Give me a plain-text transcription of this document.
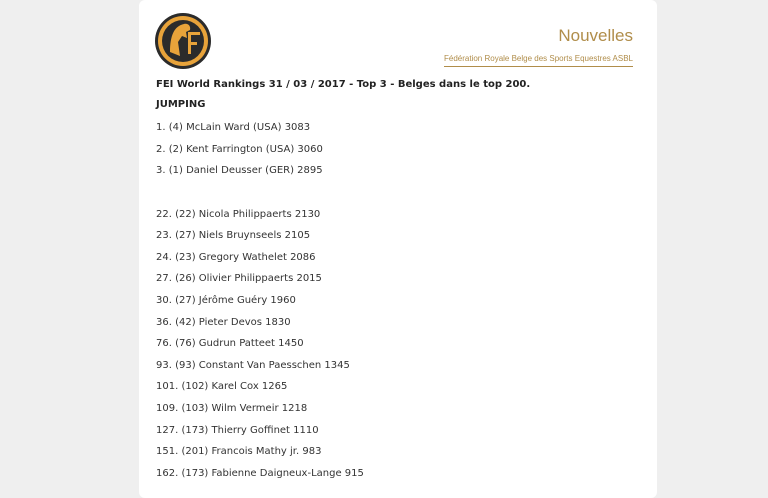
Nouvelles
Fédération Royale Belge des Sports Equestres ASBL
FEI World Rankings 31 / 03 / 2017 - Top 3 - Belges dans le top 200.
JUMPING
1. (4) McLain Ward (USA) 3083
2. (2) Kent Farrington (USA) 3060
3. (1) Daniel Deusser (GER) 2895
22. (22) Nicola Philippaerts 2130
23. (27) Niels Bruynseels 2105
24. (23) Gregory Wathelet 2086
27. (26) Olivier Philippaerts 2015
30. (27) Jérôme Guéry 1960
36. (42) Pieter Devos 1830
76. (76) Gudrun Patteet 1450
93. (93) Constant Van Paesschen 1345
101. (102) Karel Cox 1265
109. (103) Wilm Vermeir 1218
127. (173) Thierry Goffinet 1110
151. (201) Francois Mathy jr. 983
162. (173) Fabienne Daigneux-Lange 915
